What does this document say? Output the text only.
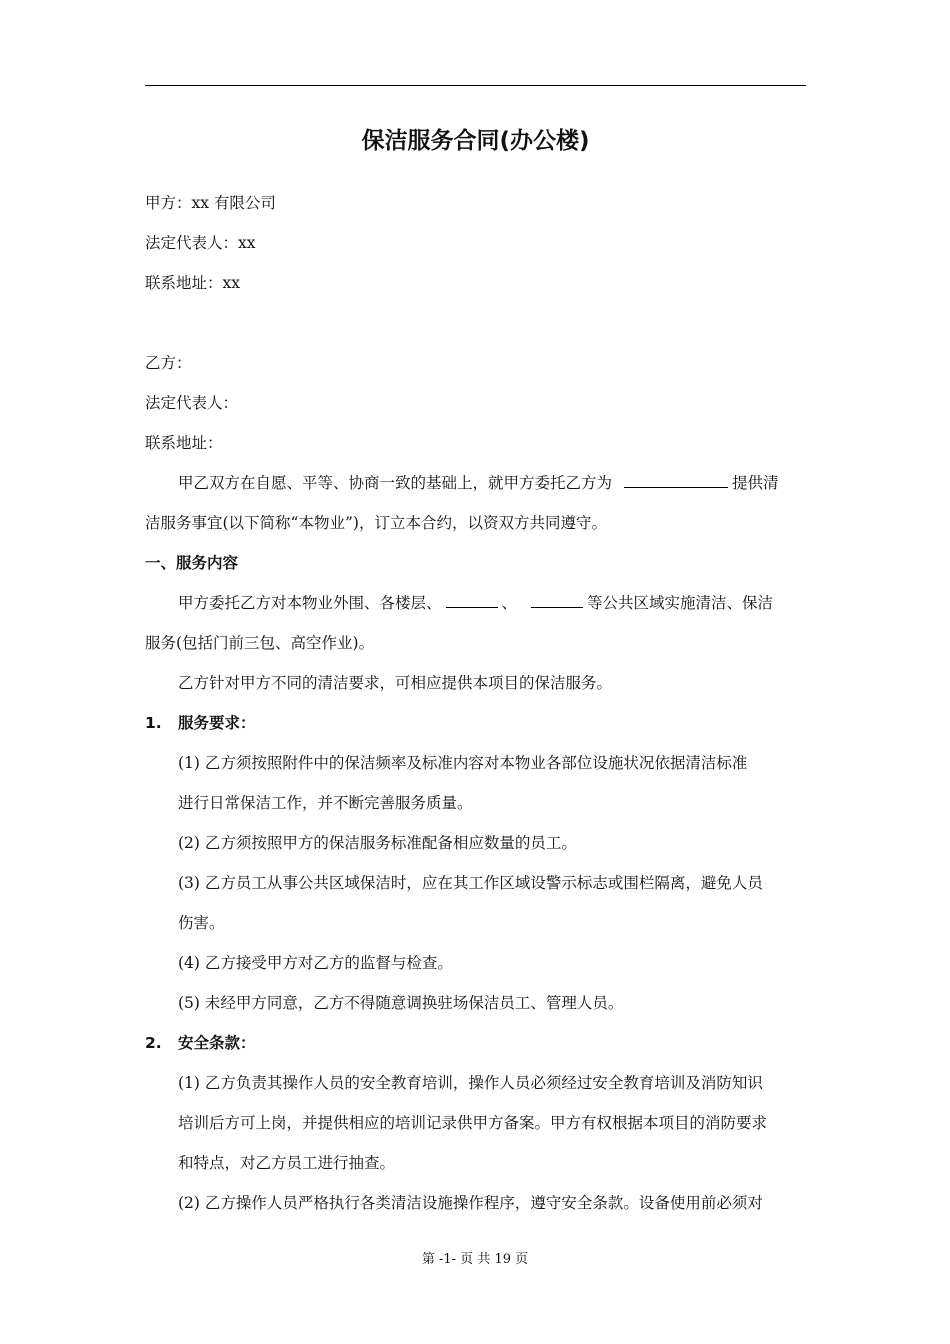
保洁服务合同(办公楼)
甲方：xx 有限公司
法定代表人：xx
联系地址：xx
乙方：
法定代表人：
联系地址：
甲乙双方在自愿、平等、协商一致的基础上，就甲方委托乙方为	提供清
洁服务事宜(以下简称“本物业”)，订立本合约，以资双方共同遵守。
一、服务内容
甲方委托乙方对本物业外围、各楼层、	、	等公共区域实施清洁、保洁
服务(包括门前三包、高空作业)。
乙方针对甲方不同的清洁要求，可相应提供本项目的保洁服务。
1. 服务要求：
(1) 乙方须按照附件中的保洁频率及标准内容对本物业各部位设施状况依据清洁标准
进行日常保洁工作，并不断完善服务质量。
(2) 乙方须按照甲方的保洁服务标准配备相应数量的员工。
(3) 乙方员工从事公共区域保洁时，应在其工作区域设警示标志或围栏隔离，避免人员
伤害。
(4) 乙方接受甲方对乙方的监督与检查。
(5) 未经甲方同意，乙方不得随意调换驻场保洁员工、管理人员。
2. 安全条款：
(1) 乙方负责其操作人员的安全教育培训，操作人员必须经过安全教育培训及消防知识
培训后方可上岗，并提供相应的培训记录供甲方备案。甲方有权根据本项目的消防要求
和特点，对乙方员工进行抽查。
(2) 乙方操作人员严格执行各类清洁设施操作程序，遵守安全条款。设备使用前必须对
第 -1- 页 共 19 页
